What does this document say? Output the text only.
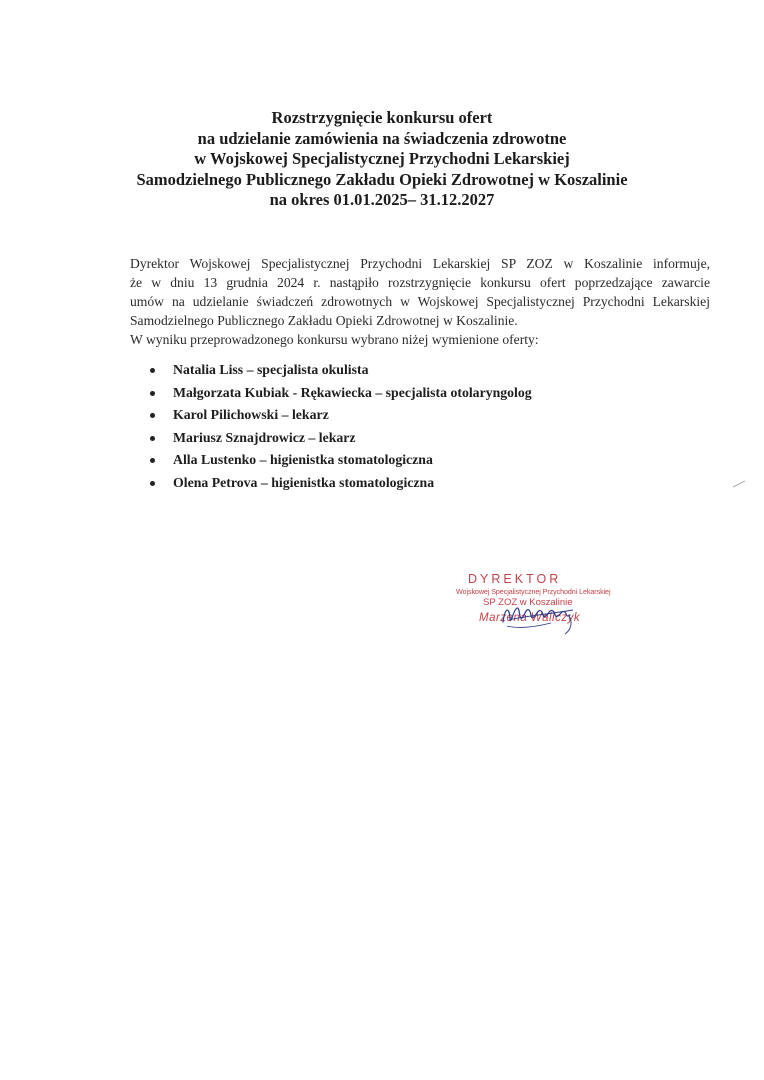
Rozstrzygnięcie konkursu ofert
na udzielanie zamówienia na świadczenia zdrowotne
w Wojskowej Specjalistycznej Przychodni Lekarskiej
Samodzielnego Publicznego Zakładu Opieki Zdrowotnej w Koszalinie
na okres 01.01.2025– 31.12.2027
Dyrektor Wojskowej Specjalistycznej Przychodni Lekarskiej SP ZOZ w Koszalinie informuje,
że w dniu 13 grudnia 2024 r. nastąpiło rozstrzygnięcie konkursu ofert poprzedzające zawarcie
umów na udzielanie świadczeń zdrowotnych w Wojskowej Specjalistycznej Przychodni Lekarskiej
Samodzielnego Publicznego Zakładu Opieki Zdrowotnej w Koszalinie.
W wyniku przeprowadzonego konkursu wybrano niżej wymienione oferty:
Natalia Liss – specjalista okulista
Małgorzata Kubiak - Rękawiecka – specjalista otolaryngolog
Karol Pilichowski – lekarz
Mariusz Sznajdrowicz – lekarz
Alla Lustenko – higienistka stomatologiczna
Olena Petrova – higienistka stomatologiczna
DYREKTOR
Wojskowej Specjalistycznej Przychodni Lekarskiej
SP ZOZ w Koszalinie
Marzena Wallczyk
